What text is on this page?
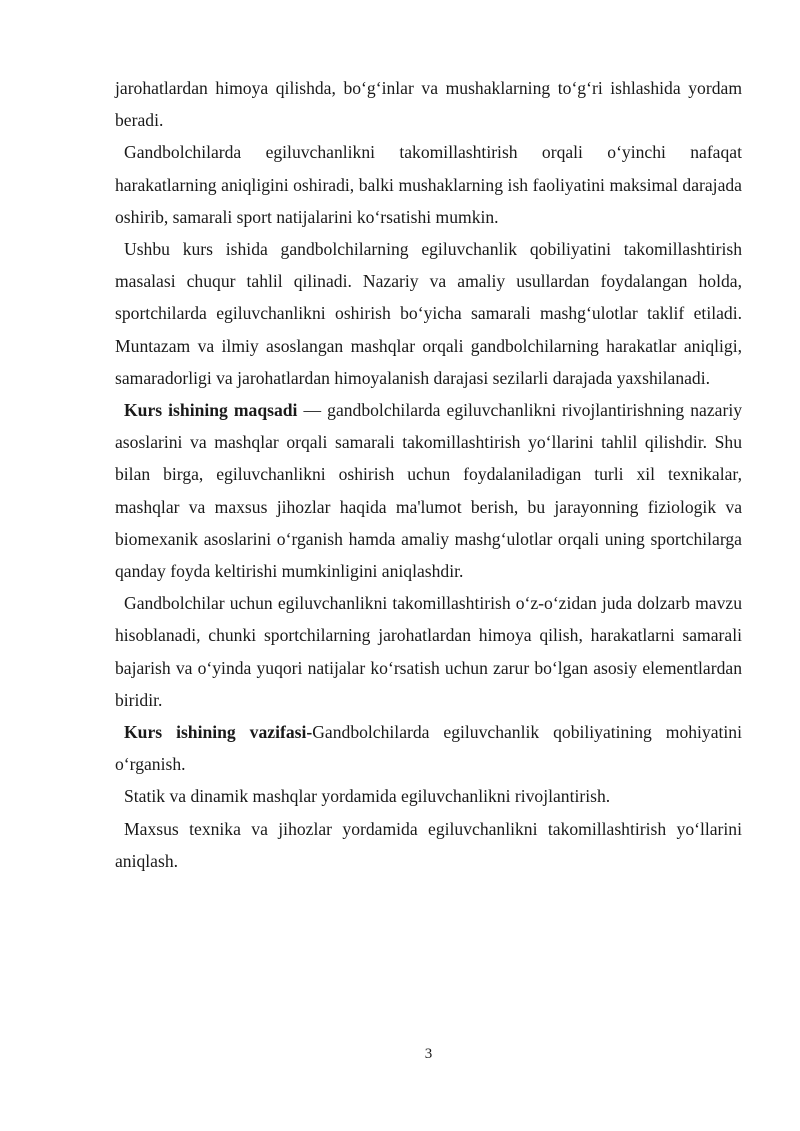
jarohatlardan himoya qilishda, bo‘g‘inlar va mushaklarning to‘g‘ri ishlashida yordam beradi.

Gandbolchilarda egiluvchanlikni takomillashtirish orqali o‘yinchi nafaqat harakatlarning aniqligini oshiradi, balki mushaklarning ish faoliyatini maksimal darajada oshirib, samarali sport natijalarini ko‘rsatishi mumkin.

Ushbu kurs ishida gandbolchilarning egiluvchanlik qobiliyatini takomillashtirish masalasi chuqur tahlil qilinadi. Nazariy va amaliy usullardan foydalangan holda, sportchilarda egiluvchanlikni oshirish bo‘yicha samarali mashg‘ulotlar taklif etiladi. Muntazam va ilmiy asoslangan mashqlar orqali gandbolchilarning harakatlar aniqligi, samaradorligi va jarohatlardan himoyalanish darajasi sezilarli darajada yaxshilanadi.

Kurs ishining maqsadi — gandbolchilarda egiluvchanlikni rivojlantirishning nazariy asoslarini va mashqlar orqali samarali takomillashtirish yo‘llarini tahlil qilishdir. Shu bilan birga, egiluvchanlikni oshirish uchun foydalaniladigan turli xil texnikalar, mashqlar va maxsus jihozlar haqida ma'lumot berish, bu jarayonning fiziologik va biomexanik asoslarini o‘rganish hamda amaliy mashg‘ulotlar orqali uning sportchilarga qanday foyda keltirishi mumkinligini aniqlashdir.

Gandbolchilar uchun egiluvchanlikni takomillashtirish o‘z-o‘zidan juda dolzarb mavzu hisoblanadi, chunki sportchilarning jarohatlardan himoya qilish, harakatlarni samarali bajarish va o‘yinda yuqori natijalar ko‘rsatish uchun zarur bo‘lgan asosiy elementlardan biridir.

Kurs ishining vazifasi-Gandbolchilarda egiluvchanlik qobiliyatining mohiyatini o‘rganish.

Statik va dinamik mashqlar yordamida egiluvchanlikni rivojlantirish.

Maxsus texnika va jihozlar yordamida egiluvchanlikni takomillashtirish yo‘llarini aniqlash.

3
